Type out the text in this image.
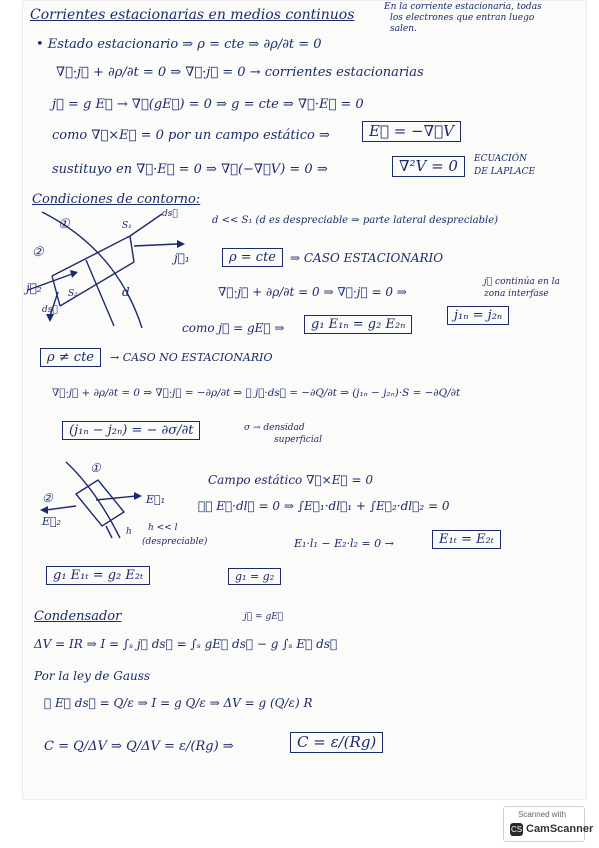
Corrientes estacionarias en medios continuos	En la corriente estacionaria, todas
los electrones que entran luego
salen.
• Estado estacionario ⇒ ρ = cte ⇒ ∂ρ/∂t = 0
∇⃗·j⃗ + ∂ρ/∂t = 0 ⇒ ∇⃗·j⃗ = 0 → corrientes estacionarias
j⃗ = g E⃗ → ∇⃗(gE⃗) = 0 ⇒ g = cte ⇒ ∇⃗·E⃗ = 0
como ∇⃗×E⃗ = 0 por un campo estático ⇒	E⃗ = −∇⃗V
sustituyo en ∇⃗·E⃗ = 0 ⇒ ∇⃗(−∇⃗V) = 0 ⇒	∇²V = 0	ECUACIÓN
DE LAPLACE
Condiciones de contorno:
①
②
S₁
ds⃗
j⃗₁
j⃗₂	S₂
ds⃗
d
d << S₁ (d es despreciable ⇒ parte lateral despreciable)
ρ = cte	⇒ CASO ESTACIONARIO
∇⃗·j⃗ + ∂ρ/∂t = 0 ⇒ ∇⃗·j⃗ = 0 ⇒
j⃗ continúa en la
zona interfase
como j⃗ = gE⃗ ⇒	g₁ E₁ₙ = g₂ E₂ₙ
j₁ₙ = j₂ₙ
ρ ≠ cte	→ CASO NO ESTACIONARIO
∇⃗·j⃗ + ∂ρ/∂t = 0 ⇒ ∇⃗·j⃗ = −∂ρ/∂t ⇒ ∮ j⃗·ds⃗ = −∂Q/∂t ⇒ (j₁ₙ − j₂ₙ)·S = −∂Q/∂t
(j₁ₙ − j₂ₙ) = − ∂σ/∂t	σ → densidad
superficial
①
②	E⃗₁
E⃗₂
h h << l
(despreciable)
Campo estático ∇⃗×E⃗ = 0
∮꜀ E⃗·dl⃗ = 0 ⇒ ∫E⃗₁·dl⃗₁ + ∫E⃗₂·dl⃗₂ = 0
E₁·l₁ − E₂·l₂ = 0 →	E₁ₜ = E₂ₜ
g₁ E₁ₜ = g₂ E₂ₜ	g₁ = g₂
Condensador	j⃗ = gE⃗
ΔV = IR ⇒ I = ∫ₛ j⃗ ds⃗ = ∫ₛ gE⃗ ds⃗ − g ∫ₛ E⃗ ds⃗
Por la ley de Gauss
∮ E⃗ ds⃗ = Q/ε ⇒ I = g Q/ε ⇒ ΔV = g (Q/ε) R
C = Q/ΔV ⇒ Q/ΔV = ε/(Rg) ⇒	C = ε/(Rg)
Scanned with
CS CamScanner
